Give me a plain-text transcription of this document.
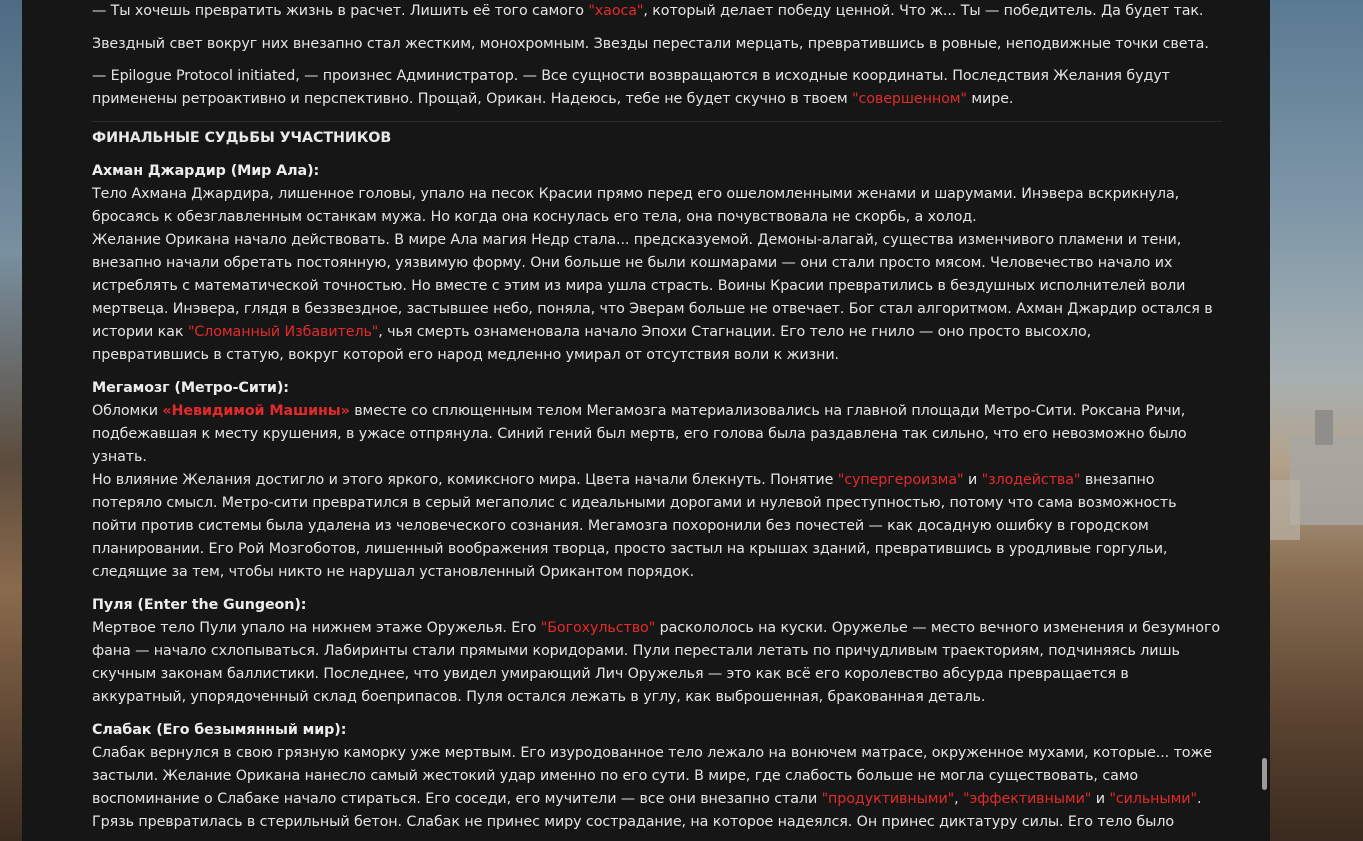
— Ты хочешь превратить жизнь в расчет. Лишить её того самого "хаоса", который делает победу ценной. Что ж... Ты — победитель. Да будет так.

Звездный свет вокруг них внезапно стал жестким, монохромным. Звезды перестали мерцать, превратившись в ровные, неподвижные точки света.

— Epilogue Protocol initiated, — произнес Администратор. — Все сущности возвращаются в исходные координаты. Последствия Желания будут
применены ретроактивно и перспективно. Прощай, Орикан. Надеюсь, тебе не будет скучно в твоем "совершенном" мире.
ФИНАЛЬНЫЕ СУДЬБЫ УЧАСТНИКОВ
Ахман Джардир (Мир Ала):
Тело Ахмана Джардира, лишенное головы, упало на песок Красии прямо перед его ошеломленными женами и шарумами. Инэвера вскрикнула,
бросаясь к обезглавленным останкам мужа. Но когда она коснулась его тела, она почувствовала не скорбь, а холод.
Желание Орикана начало действовать. В мире Ала магия Недр стала... предсказуемой. Демоны-алагай, существа изменчивого пламени и тени,
внезапно начали обретать постоянную, уязвимую форму. Они больше не были кошмарами — они стали просто мясом. Человечество начало их
истреблять с математической точностью. Но вместе с этим из мира ушла страсть. Воины Красии превратились в бездушных исполнителей воли
мертвеца. Инэвера, глядя в беззвездное, застывшее небо, поняла, что Эверам больше не отвечает. Бог стал алгоритмом. Ахман Джардир остался в
истории как "Сломанный Избавитель", чья смерть ознаменовала начало Эпохи Стагнации. Его тело не гнило — оно просто высохло,
превратившись в статую, вокруг которой его народ медленно умирал от отсутствия воли к жизни.
Мегамозг (Метро-Сити):
Обломки «Невидимой Машины» вместе со сплющенным телом Мегамозга материализовались на главной площади Метро-Сити. Роксана Ричи,
подбежавшая к месту крушения, в ужасе отпрянула. Синий гений был мертв, его голова была раздавлена так сильно, что его невозможно было
узнать.
Но влияние Желания достигло и этого яркого, комиксного мира. Цвета начали блекнуть. Понятие "супергероизма" и "злодейства" внезапно
потеряло смысл. Метро-сити превратился в серый мегаполис с идеальными дорогами и нулевой преступностью, потому что сама возможность
пойти против системы была удалена из человеческого сознания. Мегамозга похоронили без почестей — как досадную ошибку в городском
планировании. Его Рой Мозгоботов, лишенный воображения творца, просто застыл на крышах зданий, превратившись в уродливые горгульи,
следящие за тем, чтобы никто не нарушал установленный Орикантом порядок.
Пуля (Enter the Gungeon):
Мертвое тело Пули упало на нижнем этаже Оружелья. Его "Богохульство" раскололось на куски. Оружелье — место вечного изменения и безумного
фана — начало схлопываться. Лабиринты стали прямыми коридорами. Пули перестали летать по причудливым траекториям, подчиняясь лишь
скучным законам баллистики. Последнее, что увидел умирающий Лич Оружелья — это как всё его королевство абсурда превращается в
аккуратный, упорядоченный склад боеприпасов. Пуля остался лежать в углу, как выброшенная, бракованная деталь.
Слабак (Его безымянный мир):
Слабак вернулся в свою грязную каморку уже мертвым. Его изуродованное тело лежало на вонючем матрасе, окруженное мухами, которые... тоже
застыли. Желание Орикана нанесло самый жестокий удар именно по его сути. В мире, где слабость больше не могла существовать, само
воспоминание о Слабаке начало стираться. Его соседи, его мучители — все они внезапно стали "продуктивными", "эффективными" и "сильными".
Грязь превратилась в стерильный бетон. Слабак не принес миру сострадание, на которое надеялся. Он принес диктатуру силы. Его тело было
